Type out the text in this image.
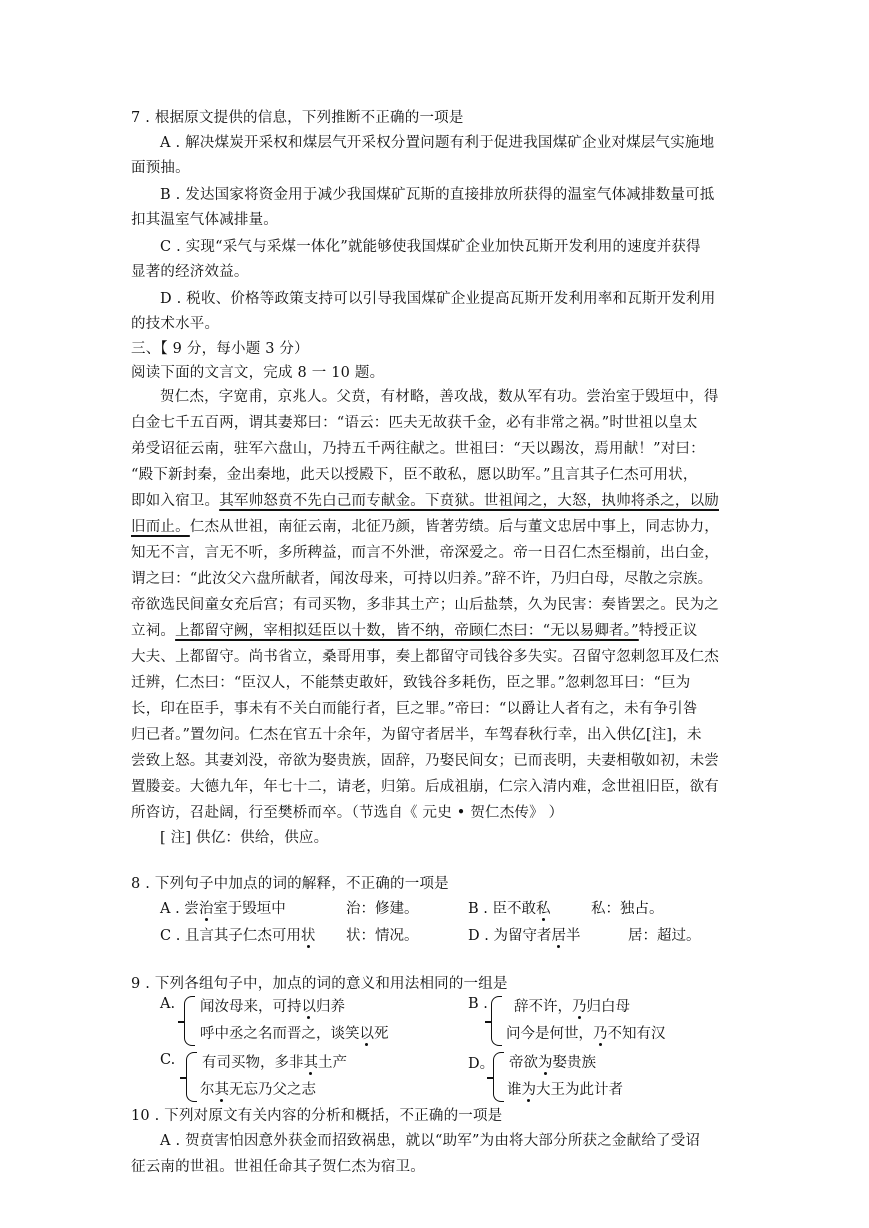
7 . 根据原文提供的信息，下列推断不正确的一项是
A . 解决煤炭开采权和煤层气开采权分置问题有利于促进我国煤矿企业对煤层气实施地
面预抽。
B . 发达国家将资金用于减少我国煤矿瓦斯的直接排放所获得的温室气体减排数量可抵
扣其温室气体减排量。
C . 实现“采气与采煤一体化”就能够使我国煤矿企业加快瓦斯开发利用的速度并获得
显著的经济效益。
D . 税收、价格等政策支持可以引导我国煤矿企业提高瓦斯开发利用率和瓦斯开发利用
的技术水平。
三、【 9 分，每小题 3 分）
阅读下面的文言文，完成 8 一 10 题。
贺仁杰，字宽甫，京兆人。父贲，有材略，善攻战，数从军有功。尝治室于毁垣中，得
白金七千五百两，谓其妻郑曰：“语云：匹夫无故获千金，必有非常之祸。”时世祖以皇太
弟受诏征云南，驻军六盘山，乃持五千两往献之。世祖曰：“天以踢汝，焉用献！”对曰：
“殿下新封秦，金出秦地，此天以授殿下，臣不敢私，愿以助军。”且言其子仁杰可用状，
即如入宿卫。其军帅怒贲不先白己而专献金。下贲狱。世祖闻之，大怒，执帅将杀之，以励
旧而止。仁杰从世祖，南征云南，北征乃颜，皆著劳绩。后与董文忠居中事上，同志协力，
知无不言，言无不听，多所稗益，而言不外泄，帝深爱之。帝一日召仁杰至榻前，出白金，
谓之曰：“此汝父六盘所献者，闻汝母来，可持以归养。”辞不许，乃归白母，尽散之宗族。
帝欲选民间童女充后宫；有司买物，多非其土产；山后盐禁，久为民害：奏皆罢之。民为之
立祠。上都留守阙，宰相拟廷臣以十数，皆不纳，帝顾仁杰曰：“无以易卿者。”特授正议
大夫、上都留守。尚书省立，桑哥用事，奏上都留守司钱谷多失实。召留守忽剌忽耳及仁杰
迁辨，仁杰曰：“臣汉人，不能禁吏敢奸，致钱谷多耗伤，臣之罪。”忽剌忽耳曰：“巨为
长，印在臣手，事未有不关白而能行者，巨之罪。”帝曰：“以爵让人者有之，未有争引咎
归已者。”置勿问。仁杰在官五十余年，为留守者居半，车驾春秋行幸，出入供亿[注]，未
尝致上怒。其妻刘没，帝欲为娶贵族，固辞，乃娶民间女；已而丧明，夫妻相敬如初，未尝
置媵妾。大德九年，年七十二，请老，归第。后成祖崩，仁宗入清内难，念世祖旧臣，欲有
所咨访，召赴阔，行至樊桥而卒。（节选自《 元史 • 贺仁杰传》 ）
[ 注] 供亿：供给，供应。
8 . 下列句子中加点的词的解释，不正确的一项是
A . 尝治室于毁垣中	治：修建。	B . 臣不敢私	私：独占。
C . 且言其子仁杰可用状 状：情况。	D . 为留守者居半	居：超过。
9 . 下列各组句子中，加点的词的意义和用法相同的一组是
A. 闻汝母来，可持以归养
呼中丞之名而晋之，谈笑以死
B . 辞不许，乃归白母
问今是何世，乃不知有汉
C. 有司买物，多非其土产
尔其无忘乃父之志
D。 帝欲为娶贵族
谁为大王为此计者
10 . 下列对原文有关内容的分析和概括，不正确的一项是
A . 贺贲害怕因意外获金而招致祸患，就以“助军”为由将大部分所获之金献给了受诏
征云南的世祖。世祖任命其子贺仁杰为宿卫。
